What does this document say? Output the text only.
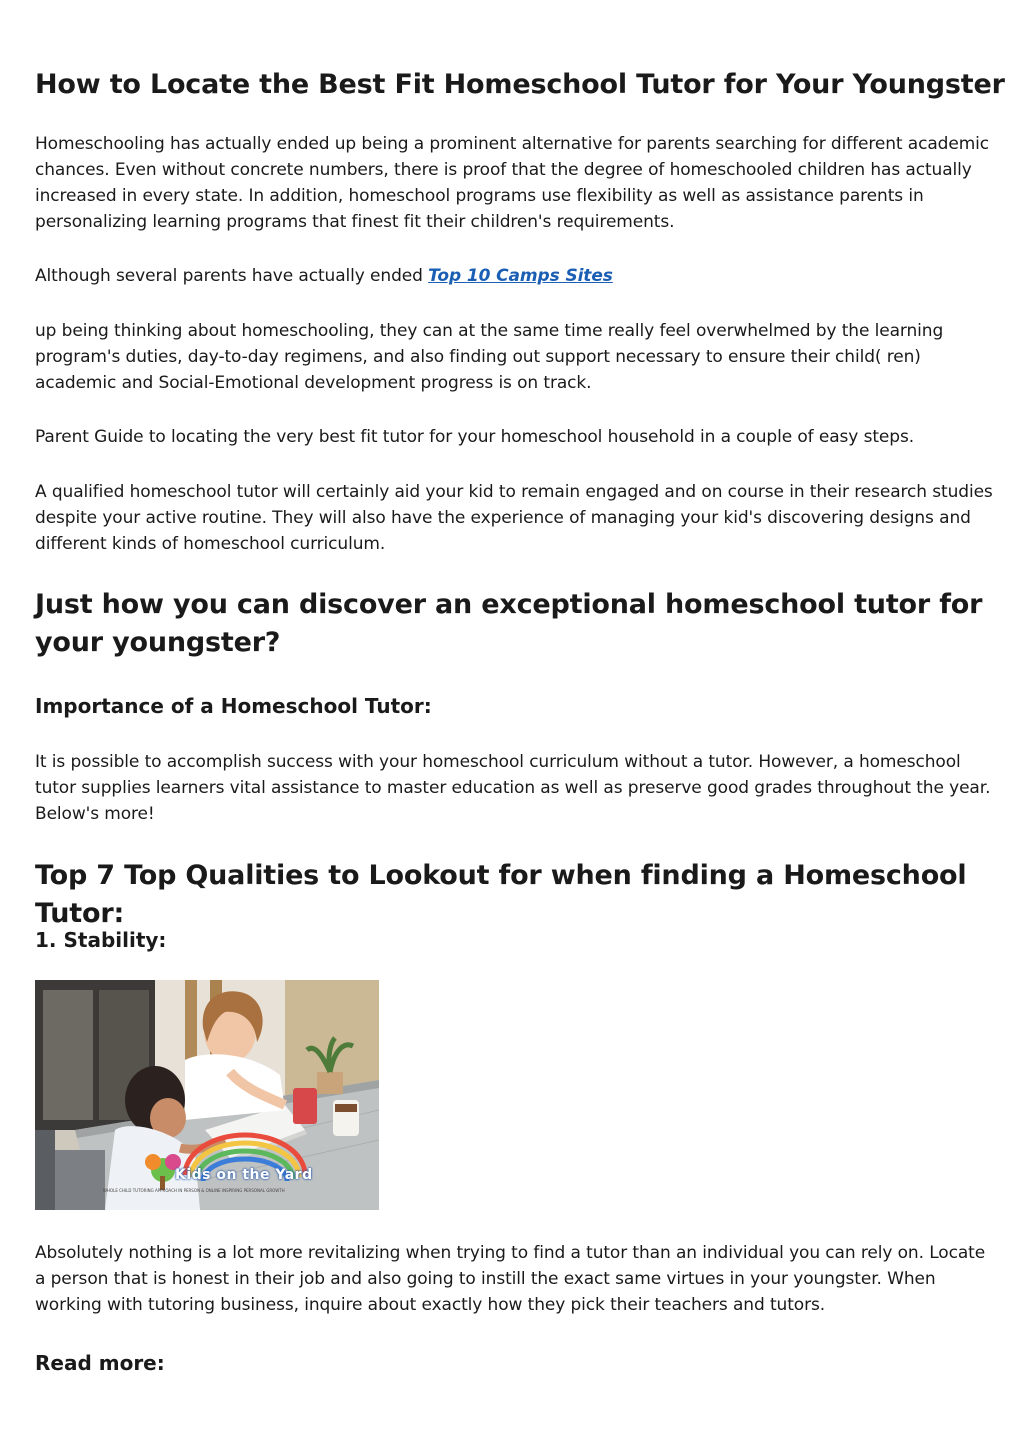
How to Locate the Best Fit Homeschool Tutor for Your Youngster

Homeschooling has actually ended up being a prominent alternative for parents searching for different academic chances. Even without concrete numbers, there is proof that the degree of homeschooled children has actually increased in every state. In addition, homeschool programs use flexibility as well as assistance parents in personalizing learning programs that finest fit their children's requirements.

Although several parents have actually ended Top 10 Camps Sites

up being thinking about homeschooling, they can at the same time really feel overwhelmed by the learning program's duties, day-to-day regimens, and also finding out support necessary to ensure their child( ren) academic and Social-Emotional development progress is on track.

Parent Guide to locating the very best fit tutor for your homeschool household in a couple of easy steps.

A qualified homeschool tutor will certainly aid your kid to remain engaged and on course in their research studies despite your active routine. They will also have the experience of managing your kid's discovering designs and different kinds of homeschool curriculum.

Just how you can discover an exceptional homeschool tutor for your youngster?
Importance of a Homeschool Tutor:

It is possible to accomplish success with your homeschool curriculum without a tutor. However, a homeschool tutor supplies learners vital assistance to master education as well as preserve good grades throughout the year. Below's more!

Top 7 Top Qualities to Lookout for when finding a Homeschool Tutor:
1. Stability:
Kids on the Yard
WHOLE CHILD TUTORING APPROACH IN PERSON & ONLINE INSPIRING PERSONAL GROWTH

Absolutely nothing is a lot more revitalizing when trying to find a tutor than an individual you can rely on. Locate a person that is honest in their job and also going to instill the exact same virtues in your youngster. When working with tutoring business, inquire about exactly how they pick their teachers and tutors.

Read more:
